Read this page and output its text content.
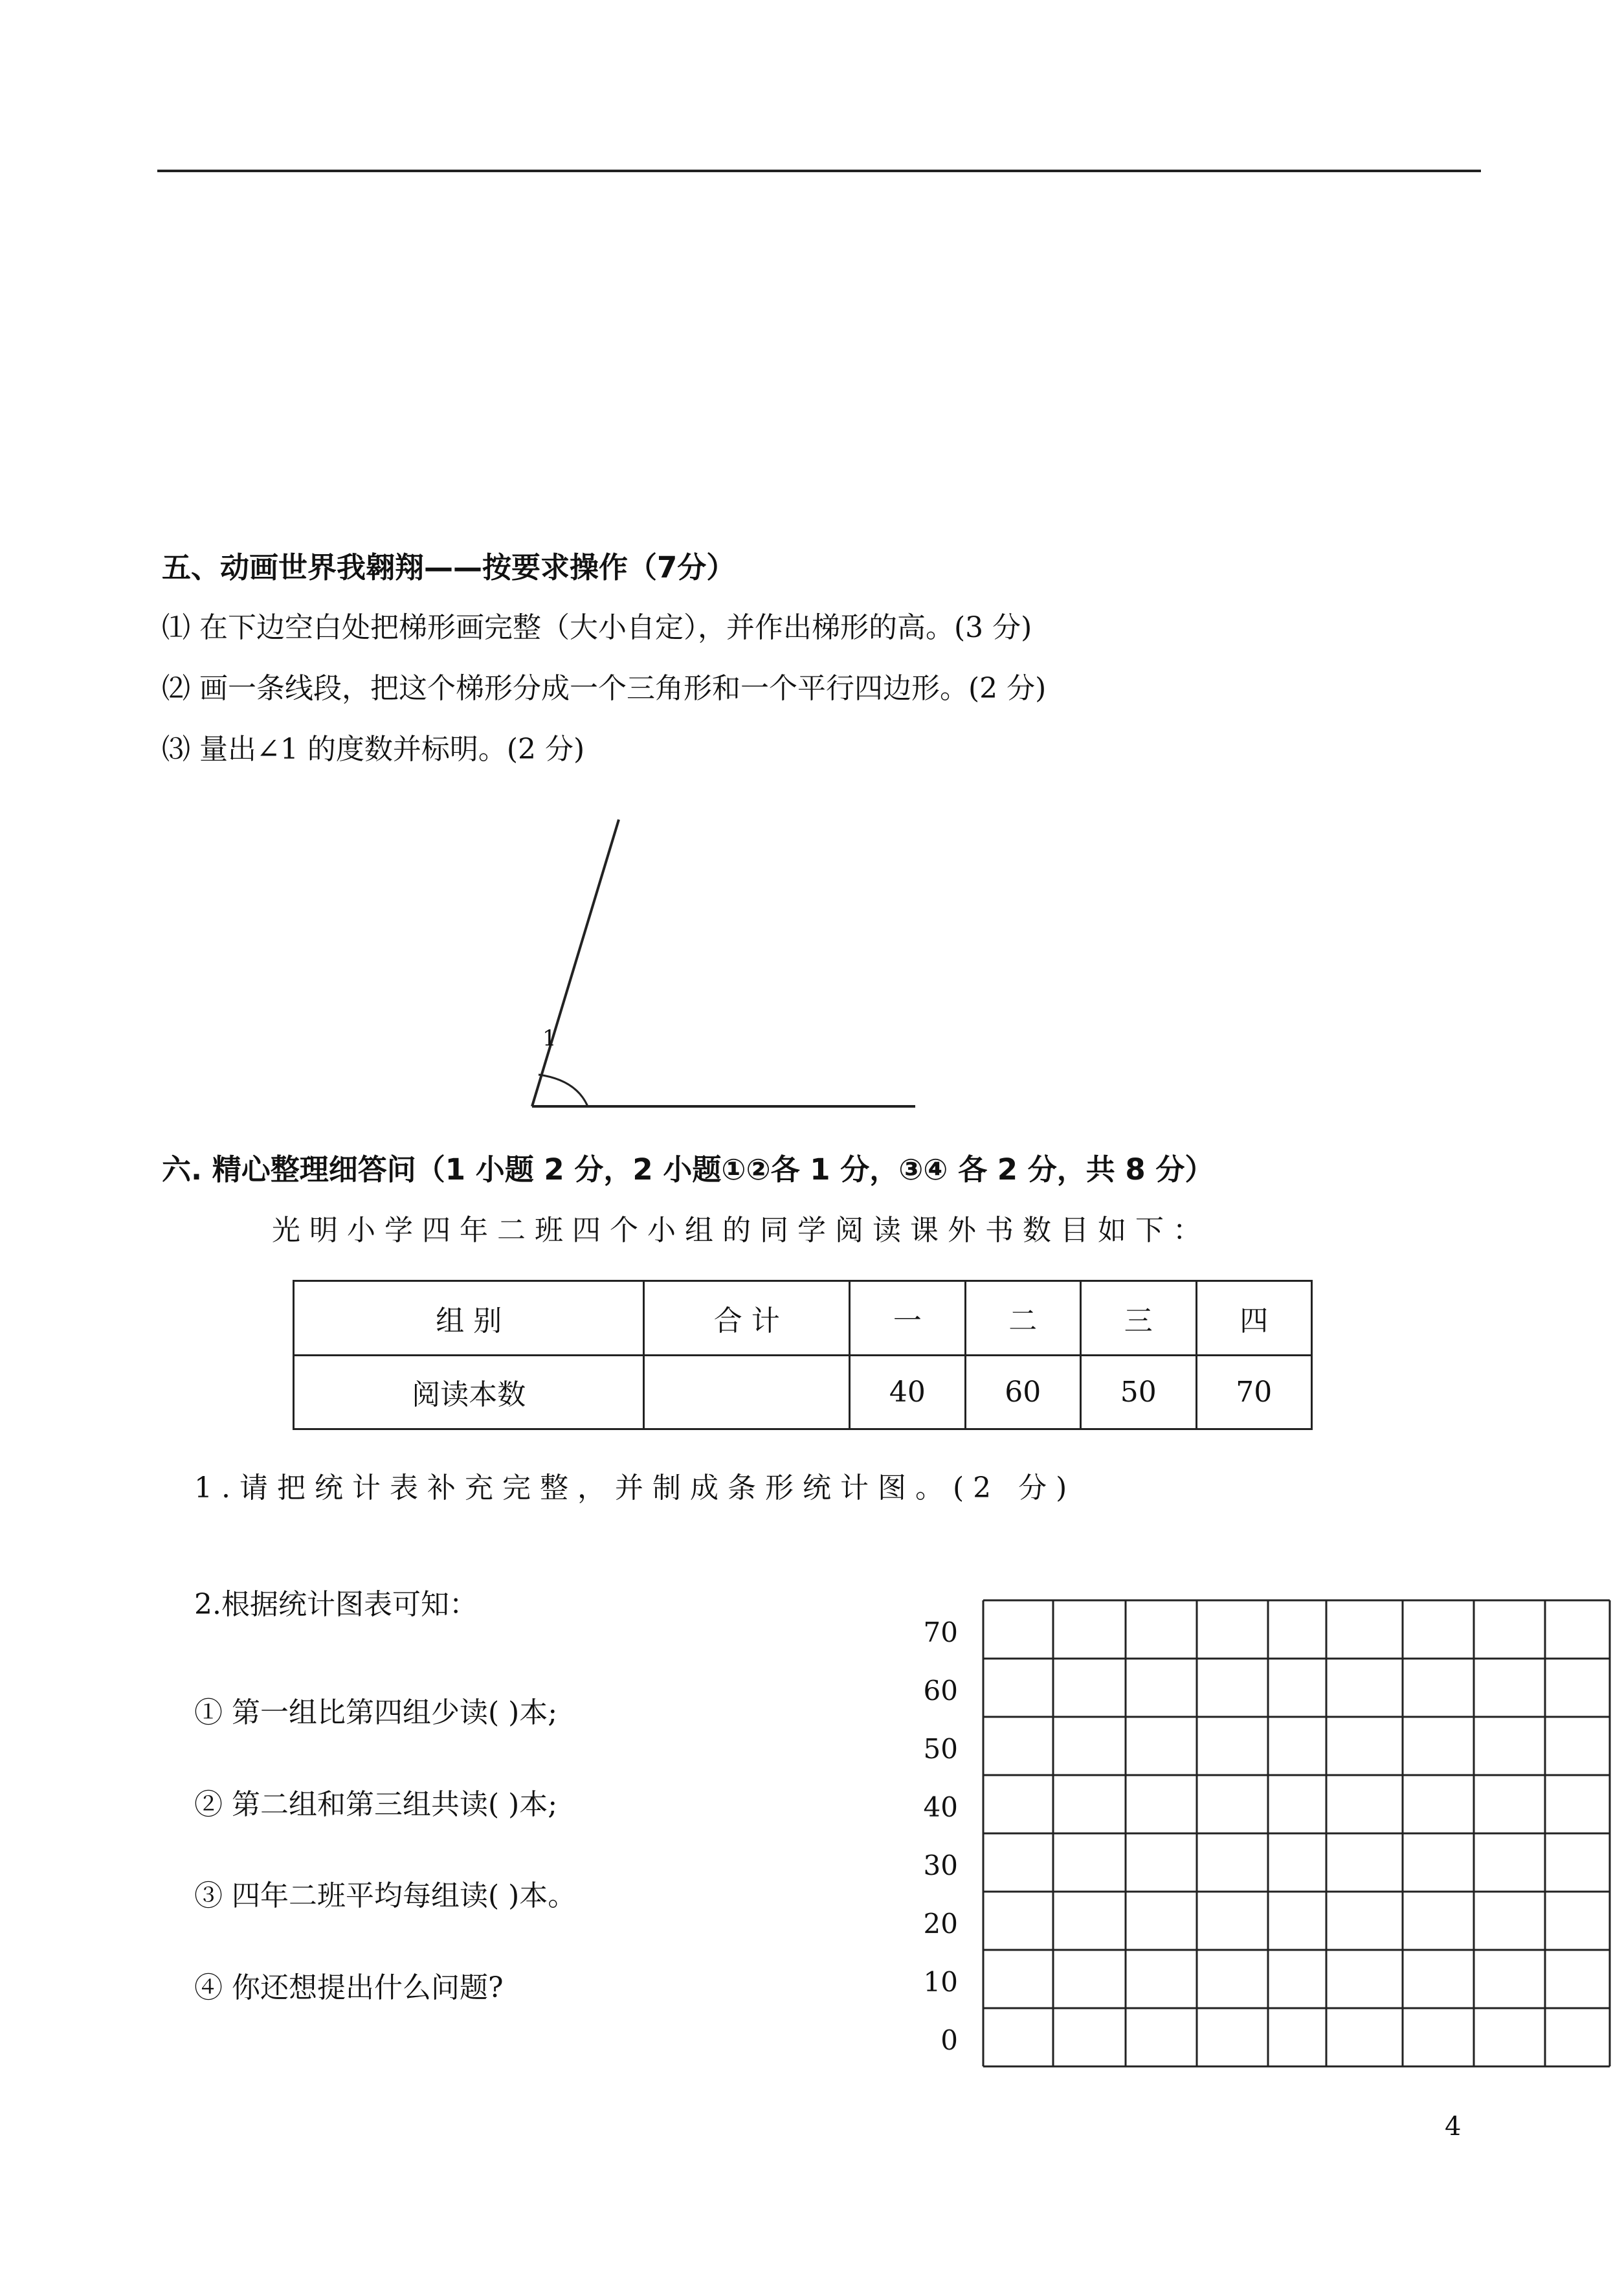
五、动画世界我翱翔——按要求操作（7分）
⑴ 在下边空白处把梯形画完整（大小自定），并作出梯形的高。(3 分)
⑵ 画一条线段，把这个梯形分成一个三角形和一个平行四边形。(2 分)
⑶ 量出∠1 的度数并标明。(2 分)
1
六. 精心整理细答问（1 小题 2 分，2 小题①②各 1 分，③④ 各 2 分，共 8 分）
光明小学四年二班四个小组的同学阅读课外书数目如下：
组 别	合 计	一	二	三	四
阅读本数		40	60	50	70
1.请把统计表补充完整，并制成条形统计图。(2 分)
2.根据统计图表可知：
① 第一组比第四组少读( )本;
② 第二组和第三组共读( )本;
③ 四年二班平均每组读( )本。
④ 你还想提出什么问题?
70
60
50
40
30
20
10
0
4
